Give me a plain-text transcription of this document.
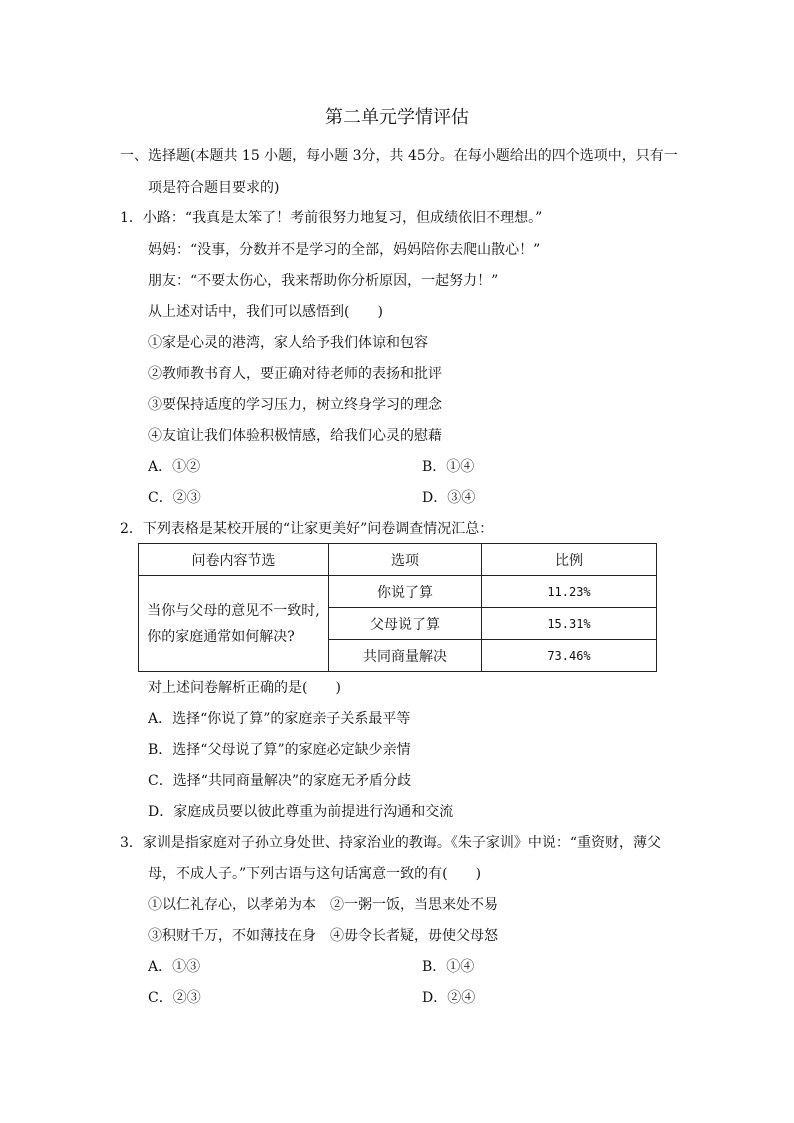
第二单元学情评估
一、选择题(本题共 15 小题，每小题 3分，共 45分。在每小题给出的四个选项中，只有一
项是符合题目要求的)
1．小路：“我真是太笨了！考前很努力地复习，但成绩依旧不理想。”
妈妈：“没事，分数并不是学习的全部，妈妈陪你去爬山散心！”
朋友：“不要太伤心，我来帮助你分析原因，一起努力！”
从上述对话中，我们可以感悟到(　　)
①家是心灵的港湾，家人给予我们体谅和包容
②教师教书育人，要正确对待老师的表扬和批评
③要保持适度的学习压力，树立终身学习的理念
④友谊让我们体验积极情感，给我们心灵的慰藉
A．①②	B．①④
C．②③	D．③④
2．下列表格是某校开展的“让家更美好”问卷调查情况汇总：
问卷内容节选	选项	比例

当你与父母的意见不一致时,
你的家庭通常如何解决?	你说了算	11.23%
	父母说了算	15.31%
	共同商量解决	73.46%
对上述问卷解析正确的是(　　)
A．选择“你说了算”的家庭亲子关系最平等
B．选择“父母说了算”的家庭必定缺少亲情
C．选择“共同商量解决”的家庭无矛盾分歧
D．家庭成员要以彼此尊重为前提进行沟通和交流
3．家训是指家庭对子孙立身处世、持家治业的教诲。《朱子家训》中说：“重资财，薄父
母，不成人子。”下列古语与这句话寓意一致的有(　　)
①以仁礼存心，以孝弟为本　②一粥一饭，当思来处不易
③积财千万，不如薄技在身　④毋令长者疑，毋使父母怒
A．①③	B．①④
C．②③	D．②④
